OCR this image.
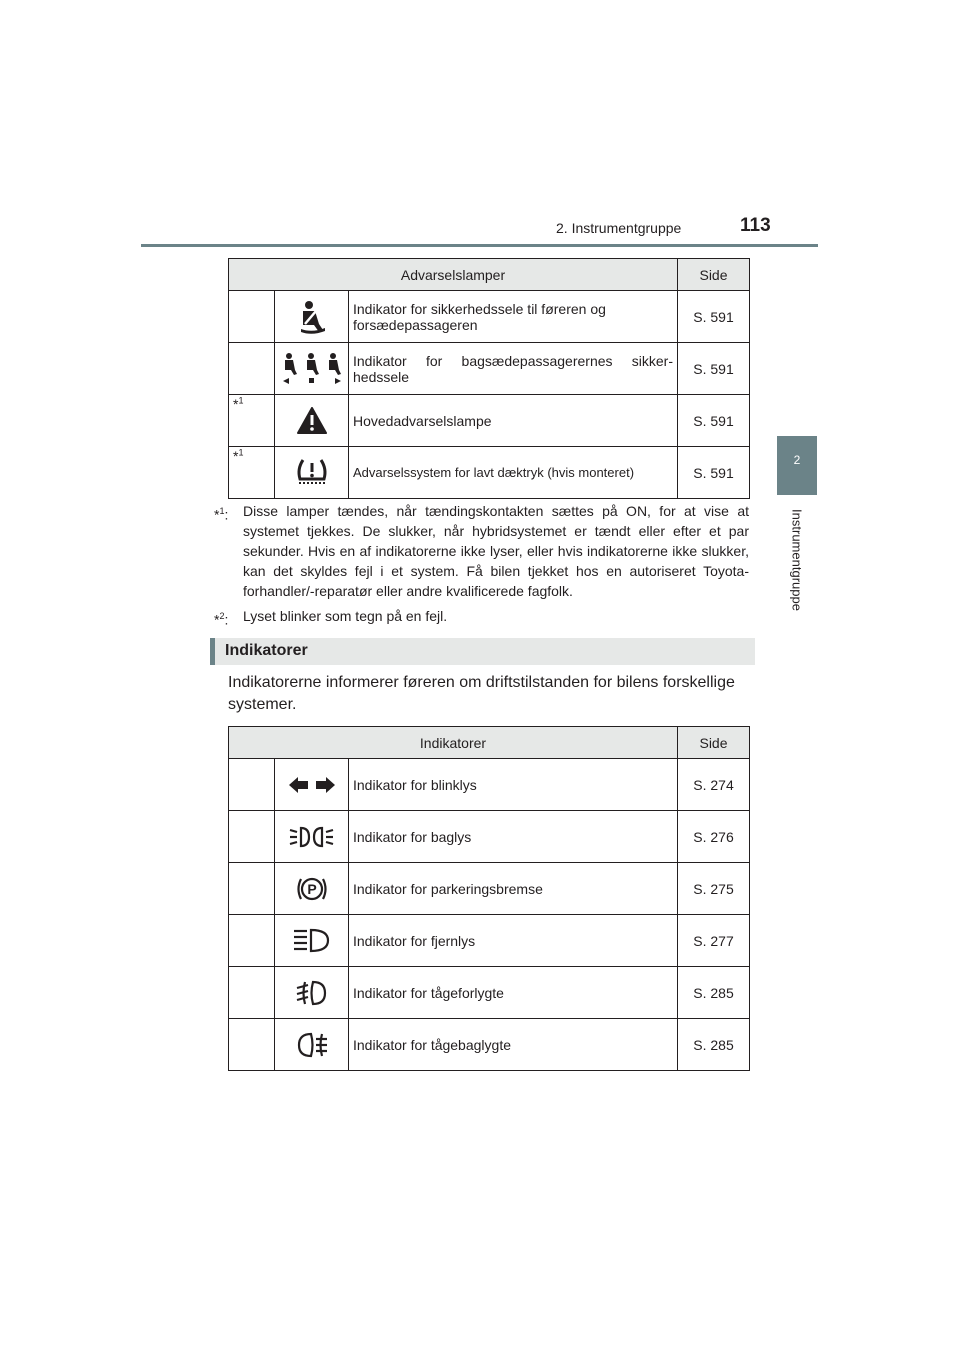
2. Instrumentgruppe	113
2
Instrumentgruppe
Advarselslamper			Side

	Indikator for sikkerhedssele til føreren og forsædepassageren	S. 591

	Indikator for bagsædepassagerernes sikker-hedssele	S. 591
*$^1$		Hovedadvarselslampe	S. 591
*$^1$		Advarselssystem for lavt dæktryk (hvis monteret)	S. 591
*$^1$: Disse lamper tændes, når tændingskontakten sættes på ON, for at vise at systemet tjekkes. De slukker, når hybridsystemet er tændt eller efter et par sekunder. Hvis en af indikatorerne ikke lyser, eller hvis indikatorerne ikke slukker, kan det skyldes fejl i et system. Få bilen tjekket hos en autoriseret Toyota-forhandler/-reparatør eller andre kvalificerede fagfolk.

*$^2$: Lyset blinker som tegn på en fejl.

Indikatorer
Indikatorerne informerer føreren om driftstilstanden for bilens forskellige systemer.
Indikatorer			Side

	Indikator for blinklys	S. 274

	Indikator for baglys	S. 276

P	Indikator for parkeringsbremse	S. 275

	Indikator for fjernlys	S. 277

	Indikator for tågeforlygte	S. 285

	Indikator for tågebaglygte	S. 285
